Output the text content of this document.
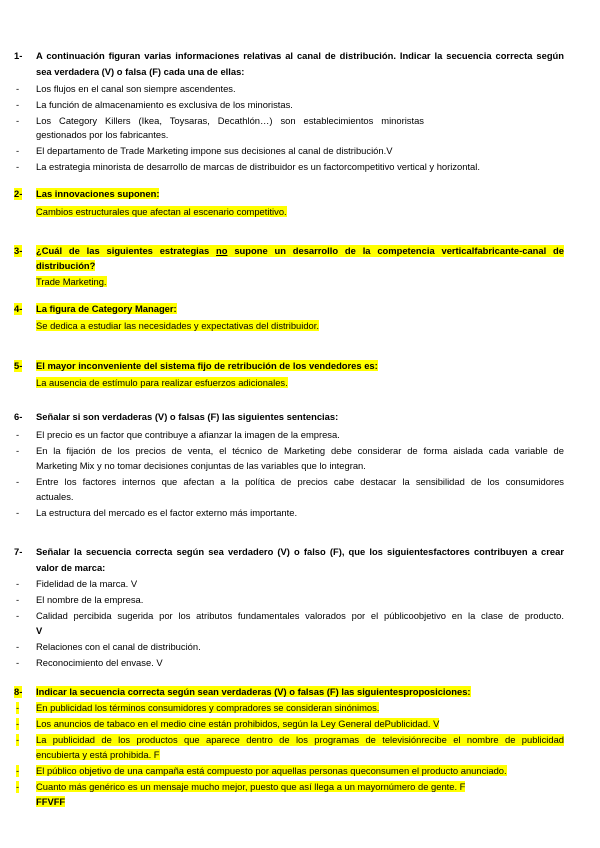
1- A continuación figuran varias informaciones relativas al canal de distribución. Indicar la secuencia correcta según
sea verdadera (V) o falsa (F) cada una de ellas:
- Los flujos en el canal son siempre ascendentes.
- La función de almacenamiento es exclusiva de los minoristas.
- Los Category Killers (Ikea, Toysaras, Decathlón…) son establecimientos minoristas
gestionados por los fabricantes.
- El departamento de Trade Marketing impone sus decisiones al canal de distribución.V
- La estrategia minorista de desarrollo de marcas de distribuidor es un factorcompetitivo vertical y horizontal.
2- Las innovaciones suponen:
Cambios estructurales que afectan al escenario competitivo.
3- ¿Cuál de las siguientes estrategias no supone un desarrollo de la competencia verticalfabricante-canal de
distribución?
Trade Marketing.
4- La figura de Category Manager:
Se dedica a estudiar las necesidades y expectativas del distribuidor.
5- El mayor inconveniente del sistema fijo de retribución de los vendedores es:
La ausencia de estímulo para realizar esfuerzos adicionales.
6- Señalar si son verdaderas (V) o falsas (F) las siguientes sentencias:
- El precio es un factor que contribuye a afianzar la imagen de la empresa.
- En la fijación de los precios de venta, el técnico de Marketing debe considerar de forma aislada cada variable de
Marketing Mix y no tomar decisiones conjuntas de las variables que lo integran.
- Entre los factores internos que afectan a la política de precios cabe destacar la sensibilidad de los consumidores
actuales.
- La estructura del mercado es el factor externo más importante.
7- Señalar la secuencia correcta según sea verdadero (V) o falso (F), que los siguientesfactores contribuyen a crear
valor de marca:
- Fidelidad de la marca. V
- El nombre de la empresa.
- Calidad percibida sugerida por los atributos fundamentales valorados por el públicoobjetivo en la clase de producto.
V
- Relaciones con el canal de distribución.
- Reconocimiento del envase. V
8- Indicar la secuencia correcta según sean verdaderas (V) o falsas (F) las siguientesproposiciones:
- En publicidad los términos consumidores y compradores se consideran sinónimos.
- Los anuncios de tabaco en el medio cine están prohibidos, según la Ley General dePublicidad. V
- La publicidad de los productos que aparece dentro de los programas de televisiónrecibe el nombre de publicidad
encubierta y está prohibida. F
- El público objetivo de una campaña está compuesto por aquellas personas queconsumen el producto anunciado.
- Cuanto más genérico es un mensaje mucho mejor, puesto que así llega a un mayornúmero de gente. F
FFVFF
